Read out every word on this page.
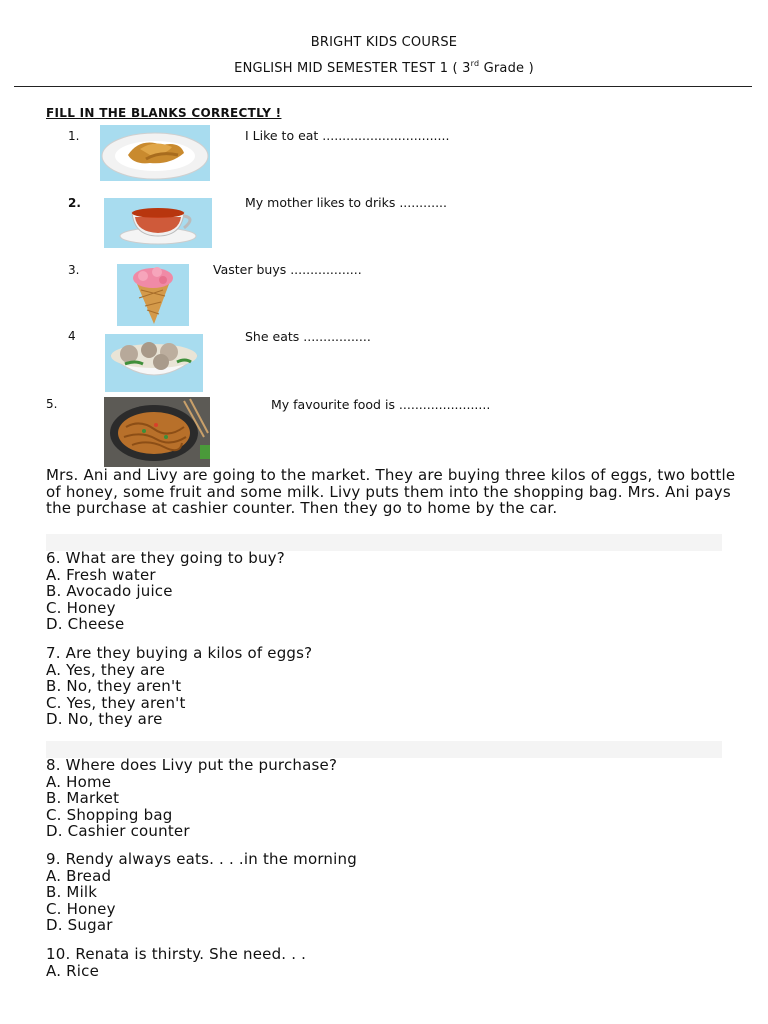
BRIGHT KIDS COURSE
ENGLISH MID SEMESTER TEST 1 ( 3rd Grade )
FILL IN THE BLANKS CORRECTLY !
1.	I Like to eat ................................
2.	My mother likes to driks ............
3.	Vaster buys ..................
4	She eats .................
5.	My favourite food is .......................
Mrs. Ani and Livy are going to the market. They are buying three kilos of eggs, two bottle of honey, some fruit and some milk. Livy puts them into the shopping bag. Mrs. Ani pays the purchase at cashier counter. Then they go to home by the car.
6. What are they going to buy?
A. Fresh water
B. Avocado juice
C. Honey
D. Cheese
7. Are they buying a kilos of eggs?
A. Yes, they are
B. No, they aren't
C. Yes, they aren't
D. No, they are
8. Where does Livy put the purchase?
A. Home
B. Market
C. Shopping bag
D. Cashier counter
9. Rendy always eats. . . .in the morning
A. Bread
B. Milk
C. Honey
D. Sugar
10. Renata is thirsty. She need. . .
A. Rice
